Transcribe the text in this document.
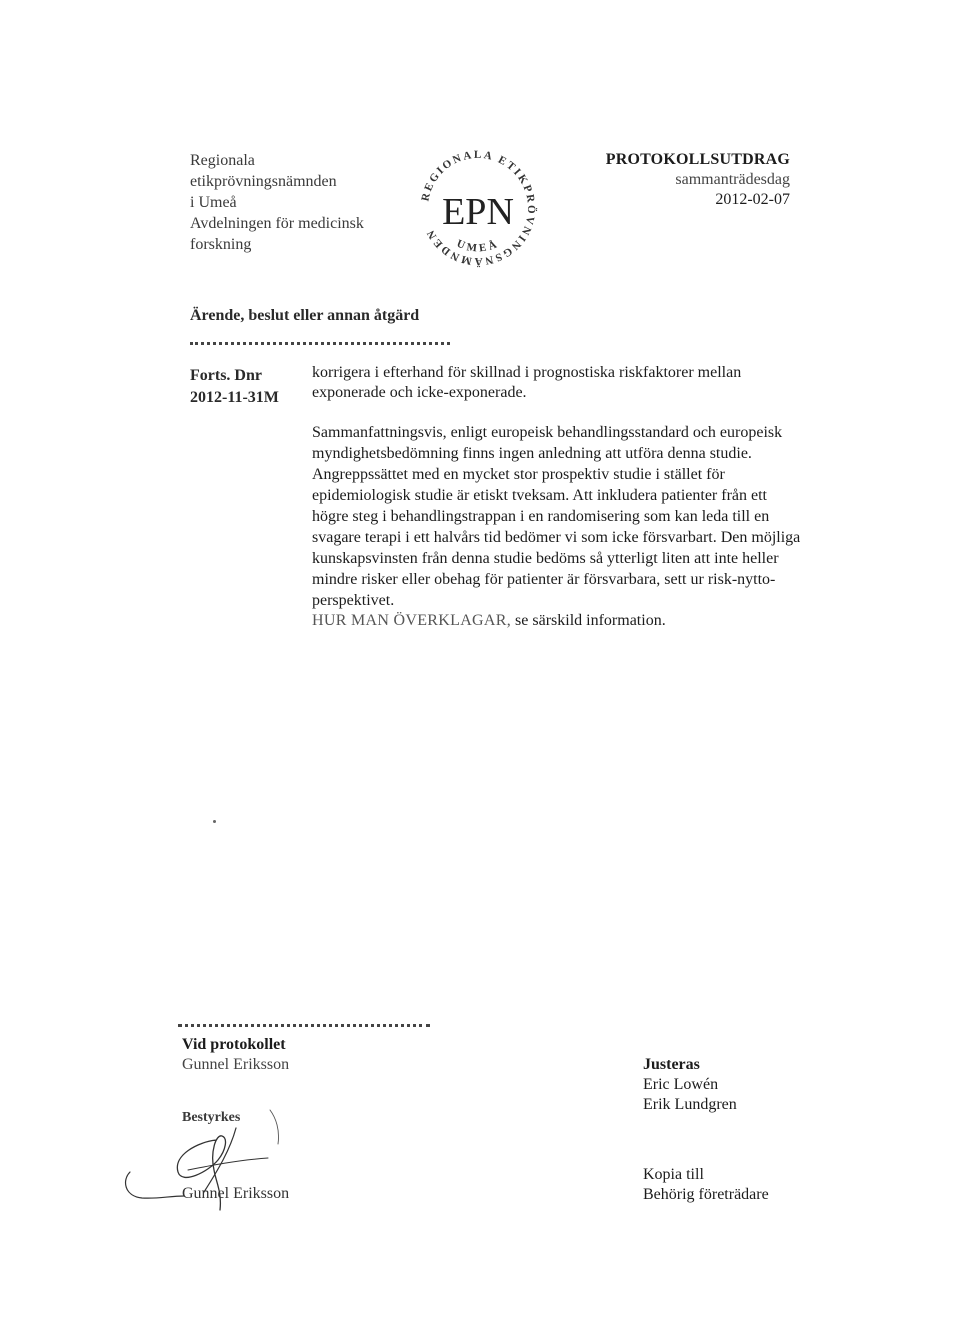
Regionala
etikprövningsnämnden
i Umeå
Avdelningen för medicinsk
forskning
REGIONALA ETIKPRÖVNINGSNÄMNDEN
UMEÅ
EPN
PROTOKOLLSUTDRAG
sammanträdesdag
2012-02-07
Ärende, beslut eller annan åtgärd
Forts. Dnr
2012-11-31M
korrigera i efterhand för skillnad i prognostiska riskfaktorer mellan
exponerade och icke-exponerade.
Sammanfattningsvis, enligt europeisk behandlingsstandard och europeisk
myndighetsbedömning finns ingen anledning att utföra denna studie.
Angreppssättet med en mycket stor prospektiv studie i stället för
epidemiologisk studie är etiskt tveksam. Att inkludera patienter från ett
högre steg i behandlingstrappan i en randomisering som kan leda till en
svagare terapi i ett halvårs tid bedömer vi som icke försvarbart. Den möjliga
kunskapsvinsten från denna studie bedöms så ytterligt liten att inte heller
mindre risker eller obehag för patienter är försvarbara, sett ur risk-nytto-
perspektivet.
HUR MAN ÖVERKLAGAR, se särskild information.
Vid protokollet
Gunnel Eriksson	Justeras
Eric Lowén
Erik Lundgren
Bestyrkes
Gunnel Eriksson
Kopia till
Behörig företrädare
